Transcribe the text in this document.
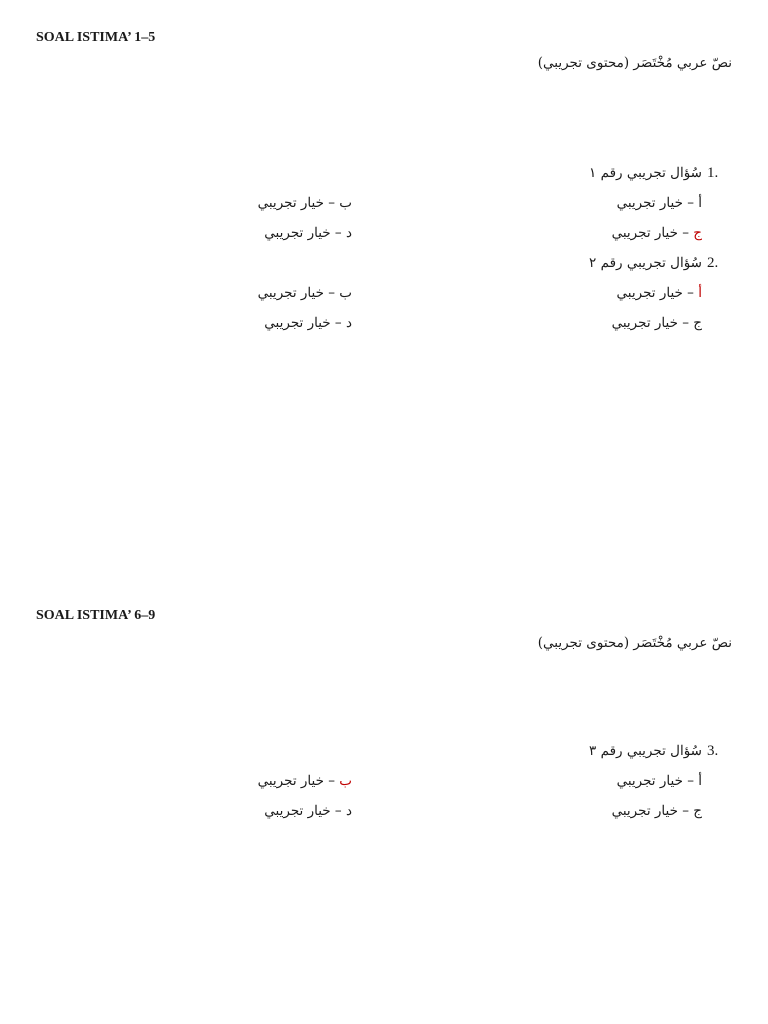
SOAL ISTIMA’ 1–5
نصّ عربي مُخْتَصَر (محتوى تجريبي)
1.
سُؤال تجريبي رقم ١
أ – خيار تجريبي
ب – خيار تجريبي
ج – خيار تجريبي
د – خيار تجريبي
2.
سُؤال تجريبي رقم ٢
أ – خيار تجريبي
ب – خيار تجريبي
ج – خيار تجريبي
د – خيار تجريبي
SOAL ISTIMA’ 6–9
نصّ عربي مُخْتَصَر (محتوى تجريبي)
3.
سُؤال تجريبي رقم ٣
أ – خيار تجريبي
ب – خيار تجريبي
ج – خيار تجريبي
د – خيار تجريبي
